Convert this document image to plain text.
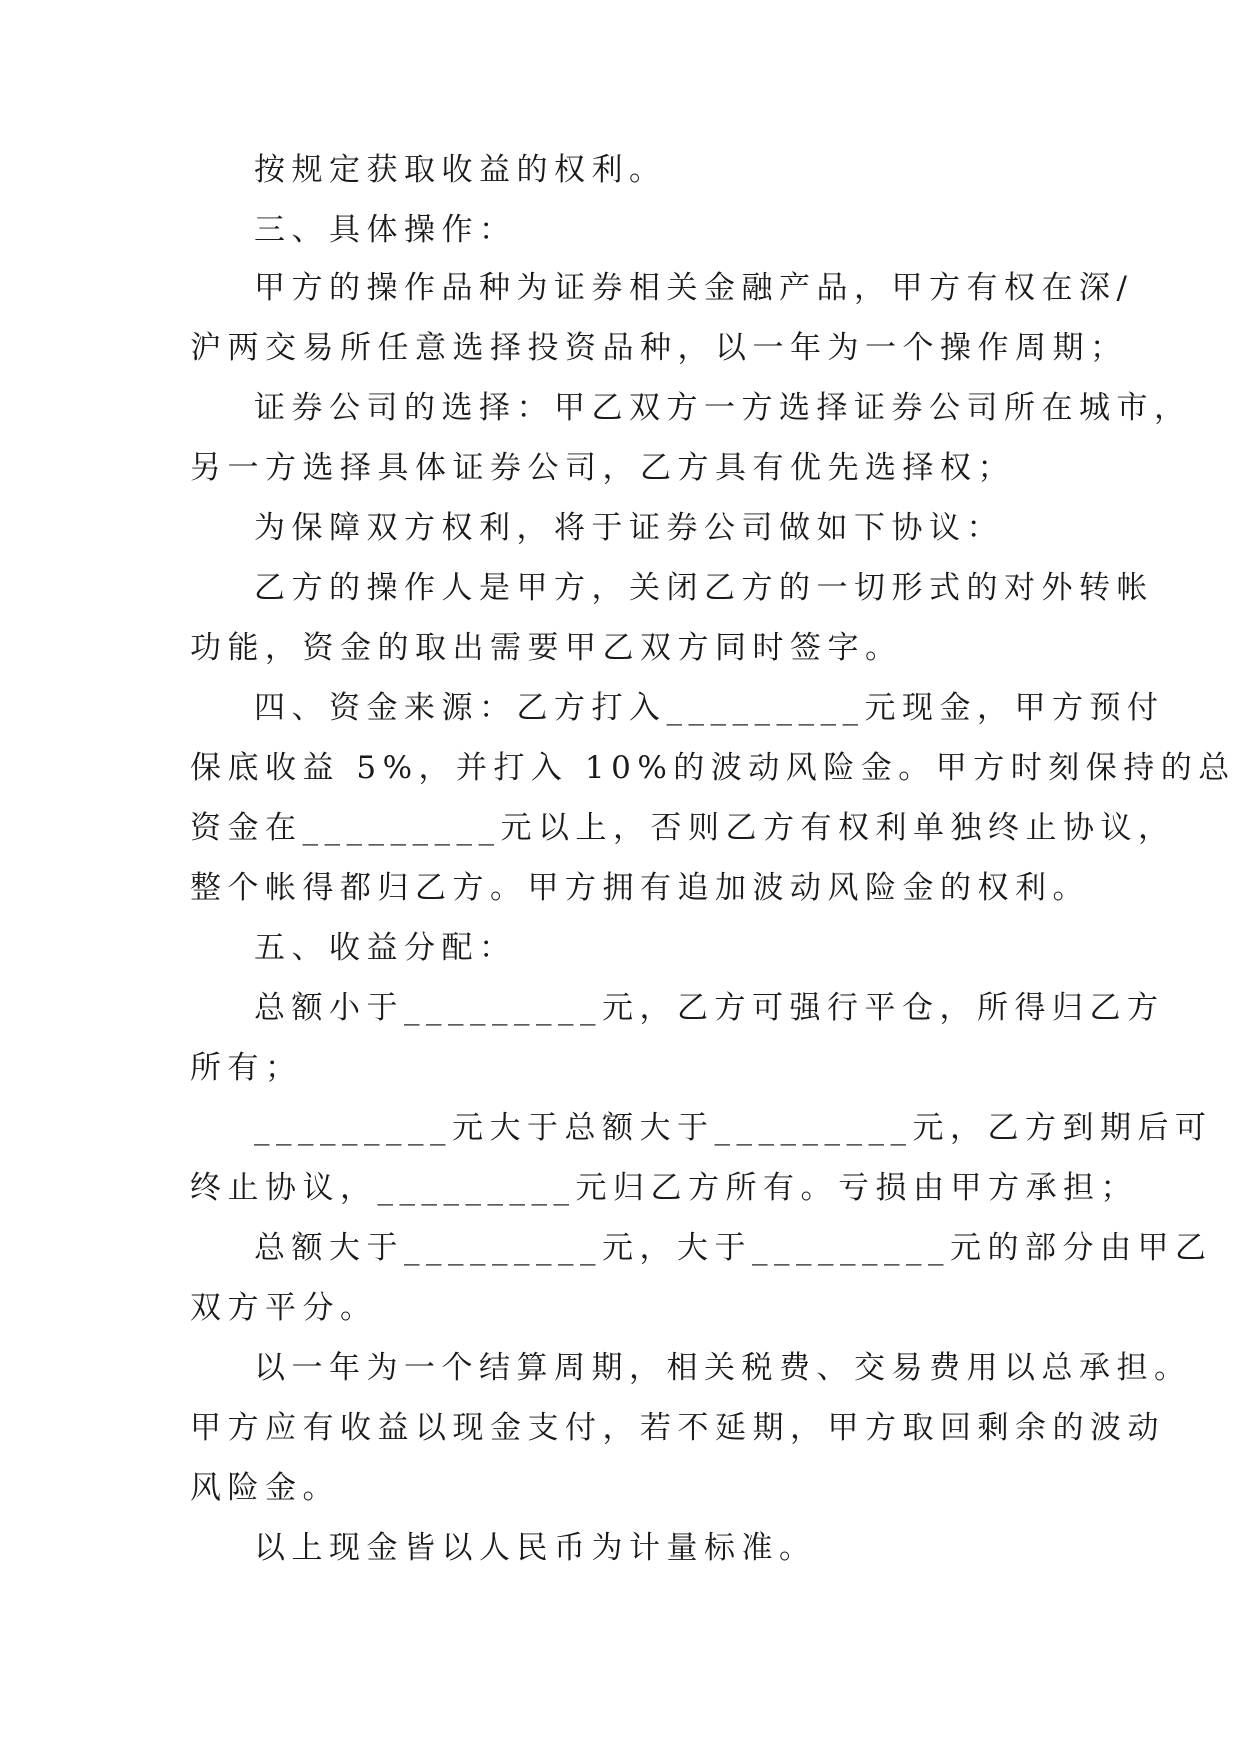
按规定获取收益的权利。

三、具体操作：

甲方的操作品种为证券相关金融产品，甲方有权在深/

沪两交易所任意选择投资品种，以一年为一个操作周期；

证券公司的选择：甲乙双方一方选择证券公司所在城市，

另一方选择具体证券公司，乙方具有优先选择权；

为保障双方权利，将于证券公司做如下协议：

乙方的操作人是甲方，关闭乙方的一切形式的对外转帐

功能，资金的取出需要甲乙双方同时签字。

四、资金来源：乙方打入_________元现金，甲方预付

保底收益 5%，并打入 10%的波动风险金。甲方时刻保持的总

资金在_________元以上，否则乙方有权利单独终止协议，

整个帐得都归乙方。甲方拥有追加波动风险金的权利。

五、收益分配：

总额小于_________元，乙方可强行平仓，所得归乙方

所有；

_________元大于总额大于_________元，乙方到期后可

终止协议，_________元归乙方所有。亏损由甲方承担；

总额大于_________元，大于_________元的部分由甲乙

双方平分。

以一年为一个结算周期，相关税费、交易费用以总承担。

甲方应有收益以现金支付，若不延期，甲方取回剩余的波动

风险金。

以上现金皆以人民币为计量标准。
